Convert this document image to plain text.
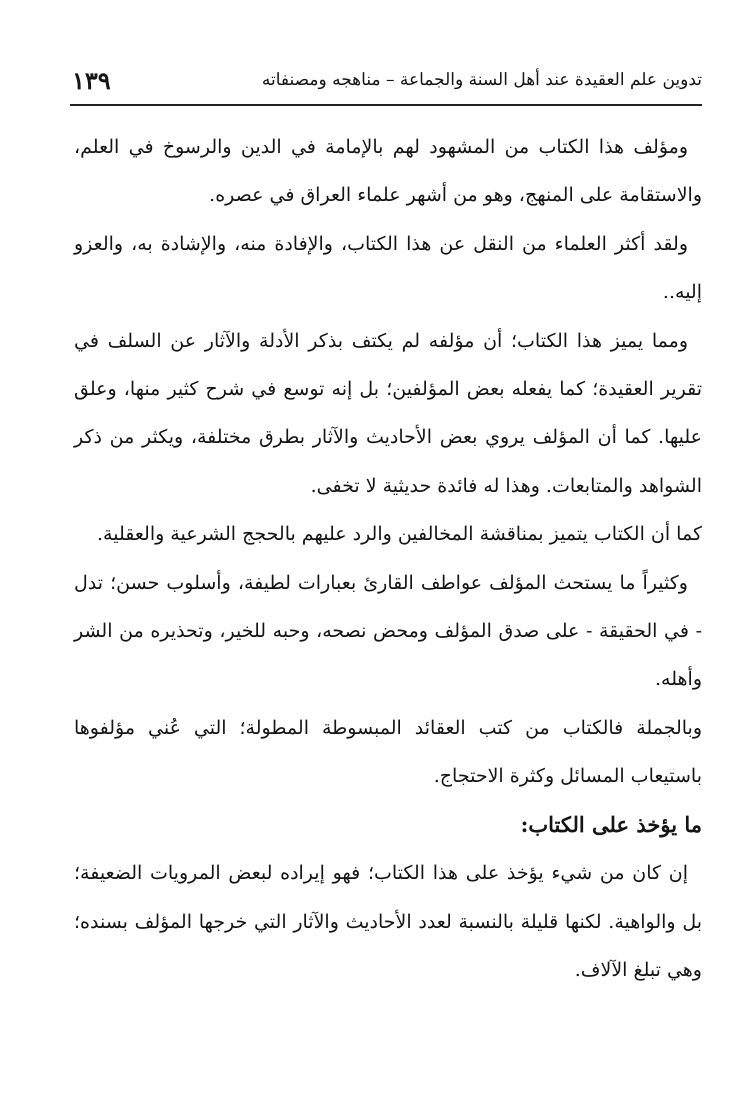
تدوين علم العقيدة عند أهل السنة والجماعة – مناهجه ومصنفاته
١٣٩

ومؤلف هذا الكتاب من المشهود لهم بالإمامة في الدين والرسوخ في العلم، والاستقامة على المنهج، وهو من أشهر علماء العراق في عصره.

ولقد أكثر العلماء من النقل عن هذا الكتاب، والإفادة منه، والإشادة به، والعزو إليه..

ومما يميز هذا الكتاب؛ أن مؤلفه لم يكتف بذكر الأدلة والآثار عن السلف في تقرير العقيدة؛ كما يفعله بعض المؤلفين؛ بل إنه توسع في شرح كثير منها، وعلق عليها. كما أن المؤلف يروي بعض الأحاديث والآثار بطرق مختلفة، ويكثر من ذكر الشواهد والمتابعات. وهذا له فائدة حديثية لا تخفى.

كما أن الكتاب يتميز بمناقشة المخالفين والرد عليهم بالحجج الشرعية والعقلية.

وكثيراً ما يستحث المؤلف عواطف القارئ بعبارات لطيفة، وأسلوب حسن؛ تدل - في الحقيقة - على صدق المؤلف ومحض نصحه، وحبه للخير، وتحذيره من الشر وأهله.

وبالجملة فالكتاب من كتب العقائد المبسوطة المطولة؛ التي عُني مؤلفوها باستيعاب المسائل وكثرة الاحتجاج.

ما يؤخذ على الكتاب:

إن كان من شيء يؤخذ على هذا الكتاب؛ فهو إيراده لبعض المرويات الضعيفة؛ بل والواهية. لكنها قليلة بالنسبة لعدد الأحاديث والآثار التي خرجها المؤلف بسنده؛ وهي تبلغ الآلاف.
